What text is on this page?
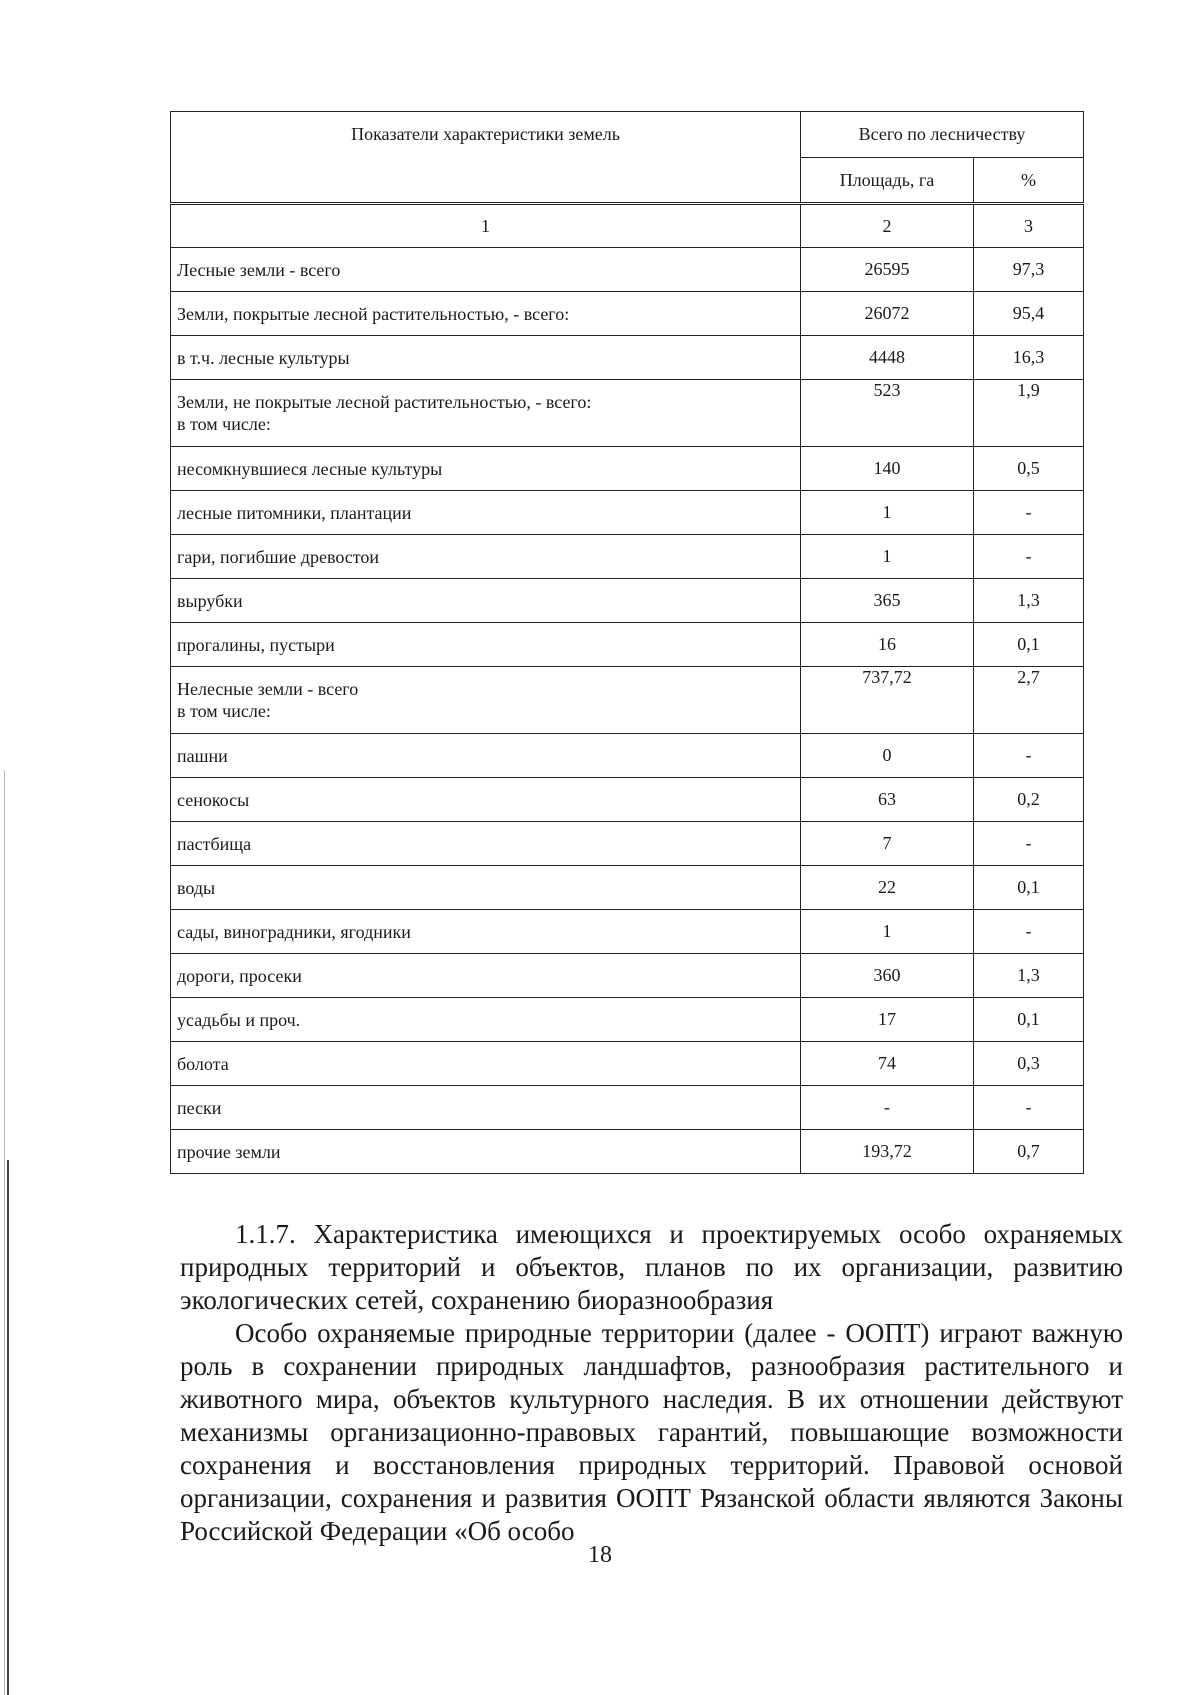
Показатели характеристики земель	Всего по лесничеству	
	Площадь, га	%
1	2	3

Лесные земли - всего	26595	97,3

Земли, покрытые лесной растительностью, - всего:	26072	95,4

в т.ч. лесные культуры	4448	16,3

Земли, не покрытые лесной растительностью, - всего:
в том числе:	523	1,9

несомкнувшиеся лесные культуры	140	0,5

лесные питомники, плантации	1	-

гари, погибшие древостои	1	-

вырубки	365	1,3

прогалины, пустыри	16	0,1

Нелесные земли - всего
в том числе:	737,72	2,7

пашни	0	-

сенокосы	63	0,2

пастбища	7	-

воды	22	0,1

сады, виноградники, ягодники	1	-

дороги, просеки	360	1,3

усадьбы и проч.	17	0,1

болота	74	0,3

пески	-	-

прочие земли	193,72	0,7

1.1.7. Характеристика имеющихся и проектируемых особо охраняемых природных территорий и объектов, планов по их организации, развитию экологических сетей, сохранению биоразнообразия

Особо охраняемые природные территории (далее - ООПТ) играют важную роль в сохранении природных ландшафтов, разнообразия растительного и животного мира, объектов культурного наследия. В их отношении действуют механизмы организационно-правовых гарантий, повышающие возможности сохранения и восстановления природных территорий. Правовой основой организации, сохранения и развития ООПТ Рязанской области являются Законы Российской Федерации «Об особо

18
